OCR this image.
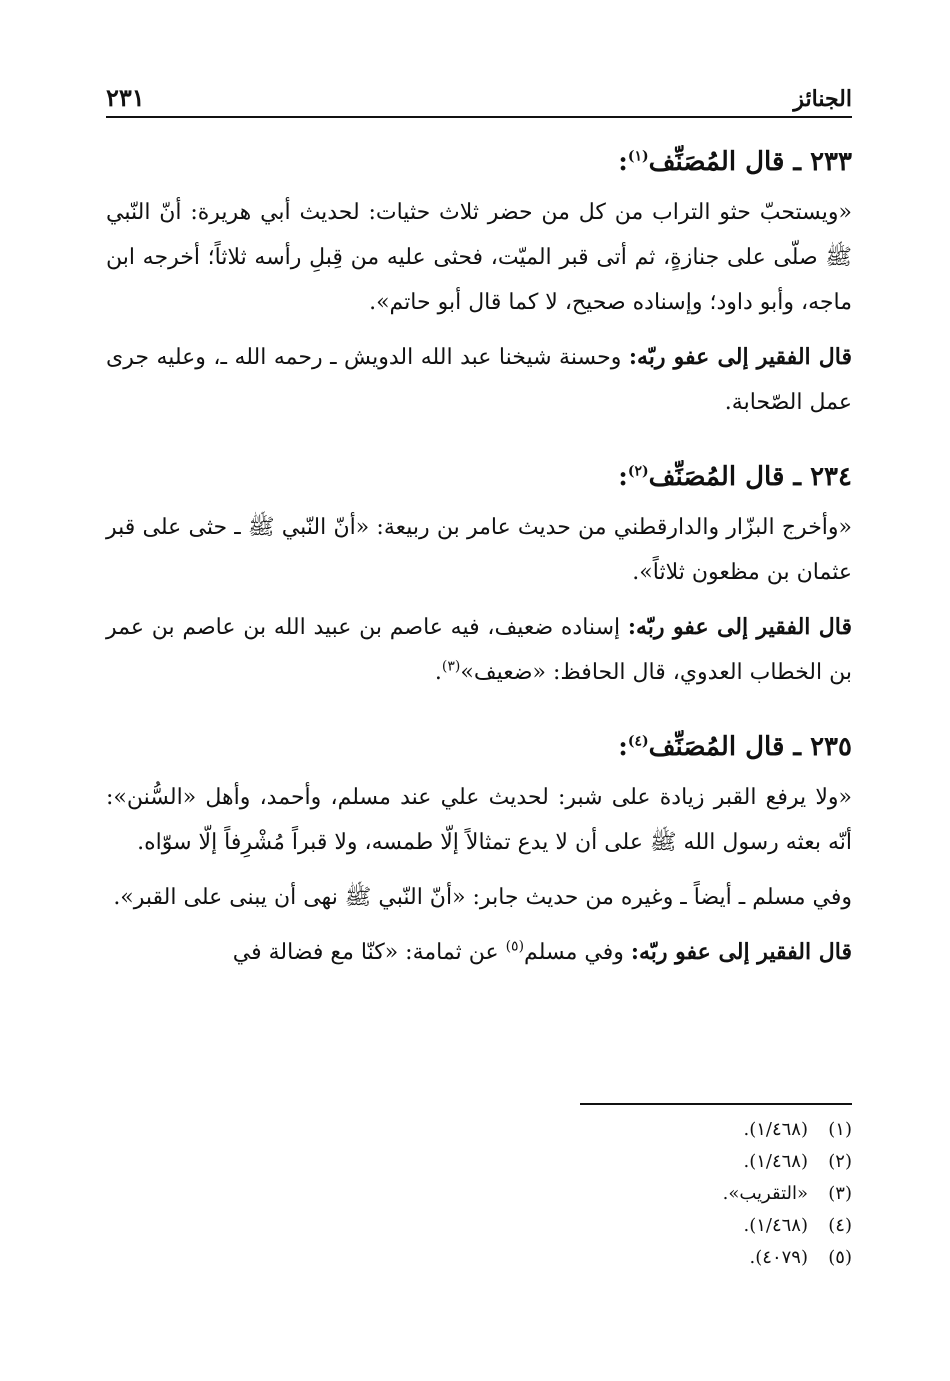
الجنائز
٢٣١
٢٣٣ ـ قال المُصَنِّف$^{(١)}$:

«ويستحبّ حثو التراب من كل من حضر ثلاث حثيات: لحديث أبي هريرة: أنّ النّبي ﷺ صلّى على جنازةٍ، ثم أتى قبر الميّت، فحثى عليه من قِبلِ رأسه ثلاثاً؛ أخرجه ابن ماجه، وأبو داود؛ وإسناده صحيح، لا كما قال أبو حاتم».

قال الفقير إلى عفو ربّه: وحسنة شيخنا عبد الله الدويش ـ رحمه الله ـ، وعليه جرى عمل الصّحابة.

٢٣٤ ـ قال المُصَنِّف$^{(٢)}$:

«وأخرج البزّار والدارقطني من حديث عامر بن ربيعة: «أنّ النّبي ﷺ ـ حثى على قبر عثمان بن مظعون ثلاثاً».

قال الفقير إلى عفو ربّه: إسناده ضعيف، فيه عاصم بن عبيد الله بن عاصم بن عمر بن الخطاب العدوي، قال الحافظ: «ضعيف»$^{(٣)}$.

٢٣٥ ـ قال المُصَنِّف$^{(٤)}$:

«ولا يرفع القبر زيادة على شبر: لحديث علي عند مسلم، وأحمد، وأهل «السُّنن»: أنّه بعثه رسول الله ﷺ على أن لا يدع تمثالاً إلّا طمسه، ولا قبراً مُشْرِفاً إلّا سوّاه.

وفي مسلم ـ أيضاً ـ وغيره من حديث جابر: «أنّ النّبي ﷺ نهى أن يبنى على القبر».

قال الفقير إلى عفو ربّه: وفي مسلم$^{(٥)}$ عن ثمامة: «كنّا مع فضالة في

(١)
(١/٤٦٨).
(٢)
(١/٤٦٨).
(٣)
«التقريب».
(٤)
(١/٤٦٨).
(٥)
(٤٠٧٩).
